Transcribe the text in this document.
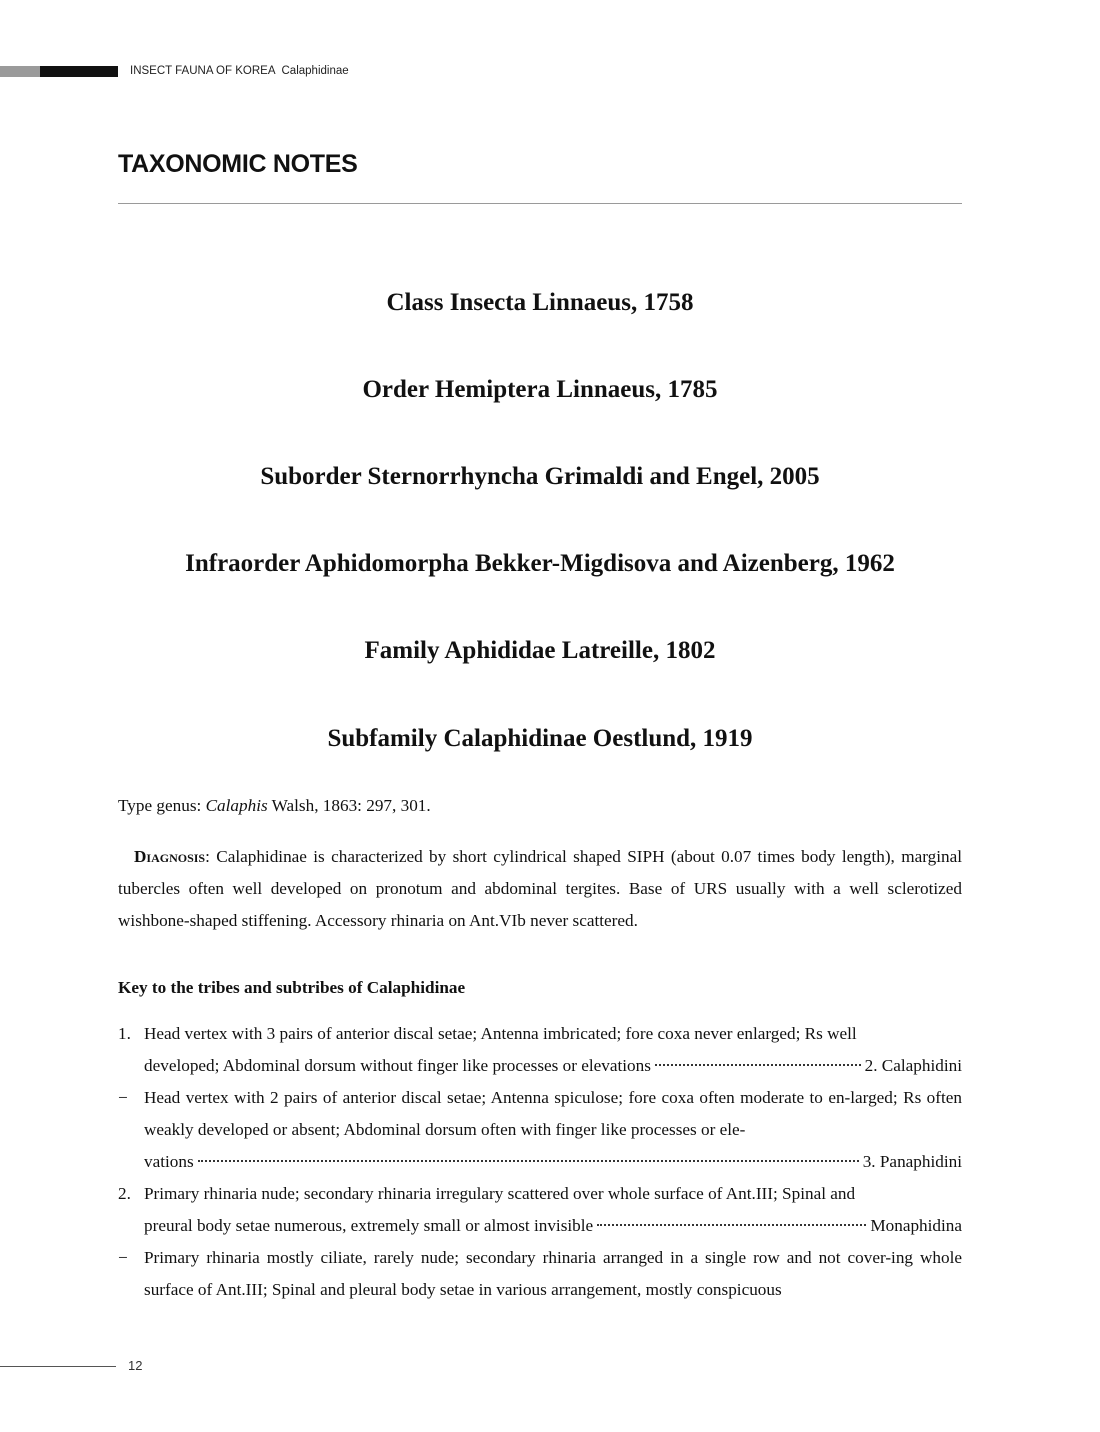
INSECT FAUNA OF KOREA Calaphidinae
TAXONOMIC NOTES
Class Insecta Linnaeus, 1758
Order Hemiptera Linnaeus, 1785
Suborder Sternorrhyncha Grimaldi and Engel, 2005
Infraorder Aphidomorpha Bekker-Migdisova and Aizenberg, 1962
Family Aphididae Latreille, 1802
Subfamily Calaphidinae Oestlund, 1919
Type genus: Calaphis Walsh, 1863: 297, 301.
Diagnosis: Calaphidinae is characterized by short cylindrical shaped SIPH (about 0.07 times body length), marginal tubercles often well developed on pronotum and abdominal tergites. Base of URS usually with a well sclerotized wishbone-shaped stiffening. Accessory rhinaria on Ant.VIb never scattered.
Key to the tribes and subtribes of Calaphidinae
1. Head vertex with 3 pairs of anterior discal setae; Antenna imbricated; fore coxa never enlarged; Rs well
developed; Abdominal dorsum without finger like processes or elevations	2. Calaphidini
− Head vertex with 2 pairs of anterior discal setae; Antenna spiculose; fore coxa often moderate to en-larged; Rs often weakly developed or absent; Abdominal dorsum often with finger like processes or ele-
vations	3. Panaphidini
2. Primary rhinaria nude; secondary rhinaria irregulary scattered over whole surface of Ant.III; Spinal and
preural body setae numerous, extremely small or almost invisible	Monaphidina
− Primary rhinaria mostly ciliate, rarely nude; secondary rhinaria arranged in a single row and not cover-ing whole surface of Ant.III; Spinal and pleural body setae in various arrangement, mostly conspicuous
12
